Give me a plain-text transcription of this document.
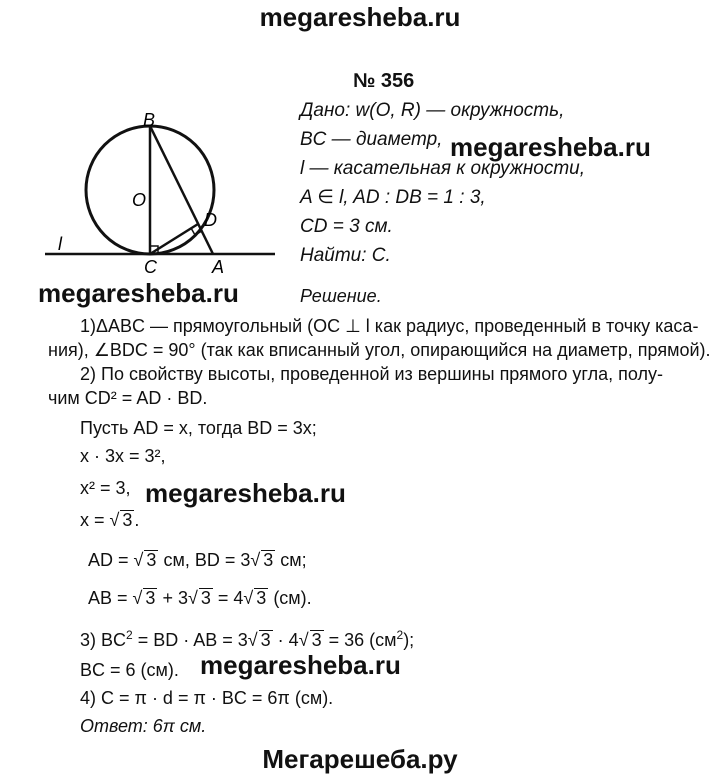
megaresheba.ru
megaresheba.ru
megaresheba.ru
megaresheba.ru
megaresheba.ru
Мегарешеба.ру
№ 356
Дано: w(O, R) — окружность,
BC — диаметр,
l — касательная к окружности,
A ∈ l, AD : DB = 1 : 3,
CD = 3 см.
Найти: C.
B
O
D
l
C	A
Решение.
1)ΔABC — прямоугольный (OC ⊥ l как радиус, проведенный в точку каса-
ния), ∠BDC = 90° (так как вписанный угол, опирающийся на диаметр, прямой).
2) По свойству высоты, проведенной из вершины прямого угла, полу-
чим CD² = AD · BD.
Пусть AD = x, тогда BD = 3x;
x · 3x = 3²,
x² = 3,
x = √ 3 .
AD = √ 3 см, BD = 3√ 3 см;
AB = √ 3 + 3√ 3 = 4√ 3 (см).
3) $BC^2$ = BD · AB = 3√ 3 · 4√ 3 = 36 $(см^2)$;
BC = 6 (см).
4) C = π · d = π · BC = 6π (см).
Ответ: 6π см.
